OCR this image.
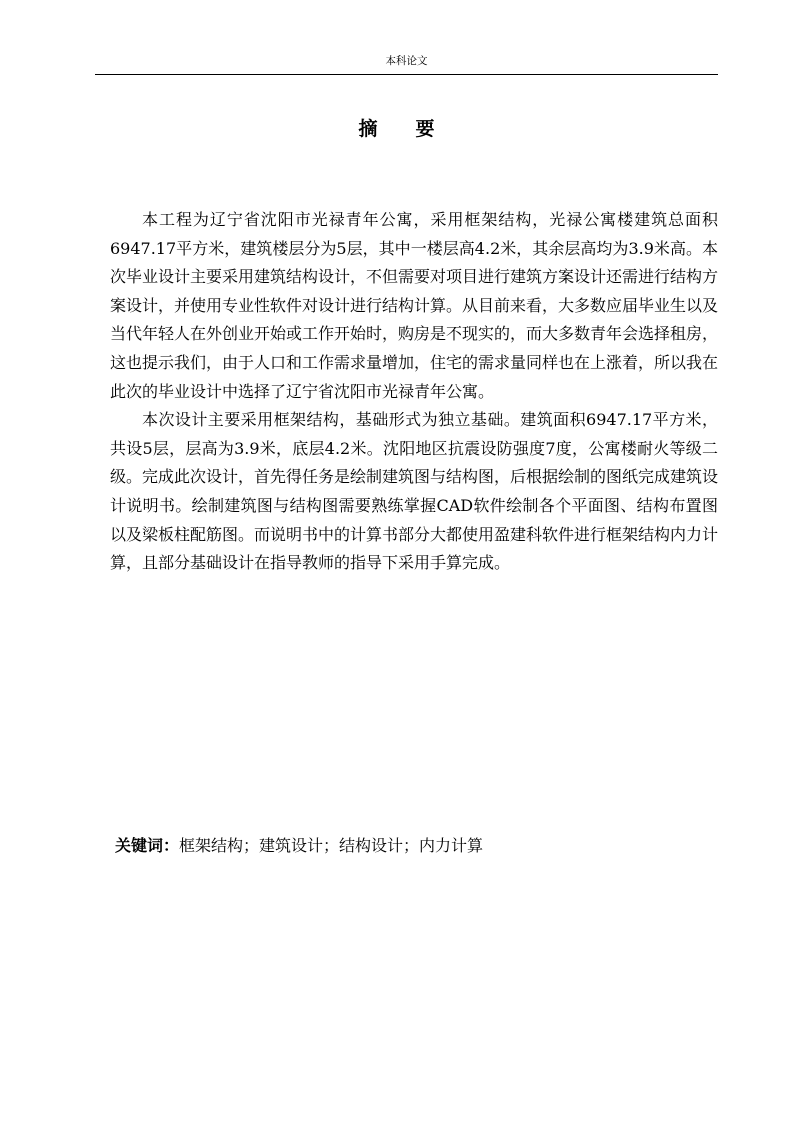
本科论文
摘要

本工程为辽宁省沈阳市光禄青年公寓，采用框架结构，光禄公寓楼建筑总面积6947.17平方米，建筑楼层分为5层，其中一楼层高4.2米，其余层高均为3.9米高。本次毕业设计主要采用建筑结构设计，不但需要对项目进行建筑方案设计还需进行结构方案设计，并使用专业性软件对设计进行结构计算。从目前来看，大多数应届毕业生以及当代年轻人在外创业开始或工作开始时，购房是不现实的，而大多数青年会选择租房，这也提示我们，由于人口和工作需求量增加，住宅的需求量同样也在上涨着，所以我在此次的毕业设计中选择了辽宁省沈阳市光禄青年公寓。

本次设计主要采用框架结构，基础形式为独立基础。建筑面积6947.17平方米，共设5层，层高为3.9米，底层4.2米。沈阳地区抗震设防强度7度，公寓楼耐火等级二级。完成此次设计，首先得任务是绘制建筑图与结构图，后根据绘制的图纸完成建筑设计说明书。绘制建筑图与结构图需要熟练掌握CAD软件绘制各个平面图、结构布置图以及梁板柱配筋图。而说明书中的计算书部分大都使用盈建科软件进行框架结构内力计算，且部分基础设计在指导教师的指导下采用手算完成。

关键词：框架结构；建筑设计；结构设计；内力计算
